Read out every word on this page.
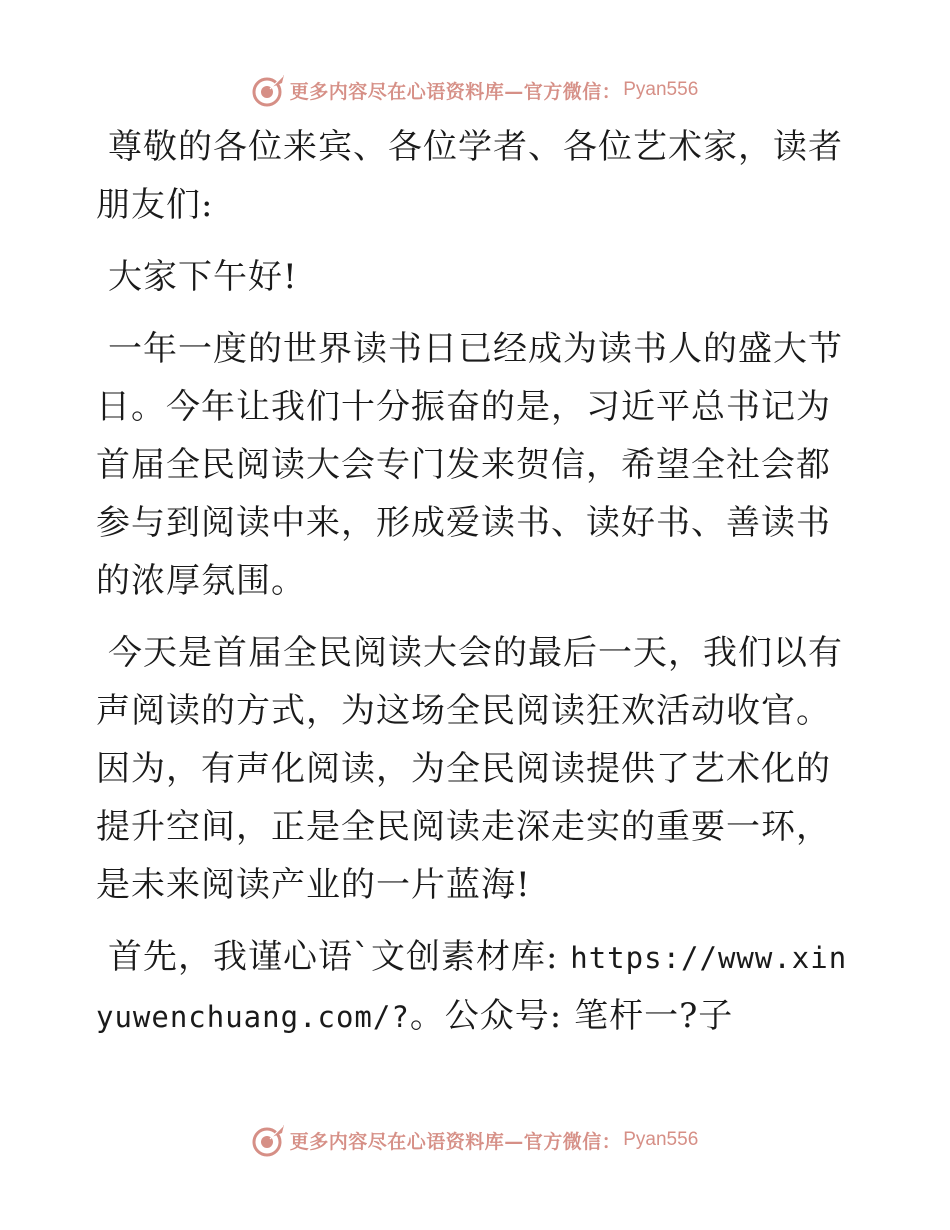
更多内容尽在心语资料库—官方微信： Pyan556

尊敬的各位来宾、各位学者、各位艺术家，读者朋友们:

大家下午好!

一年一度的世界读书日已经成为读书人的盛大节日。今年让我们十分振奋的是，习近平总书记为首届全民阅读大会专门发来贺信，希望全社会都参与到阅读中来，形成爱读书、读好书、善读书的浓厚氛围。

今天是首届全民阅读大会的最后一天，我们以有声阅读的方式，为这场全民阅读狂欢活动收官。因为，有声化阅读，为全民阅读提供了艺术化的提升空间，正是全民阅读走深走实的重要一环，是未来阅读产业的一片蓝海!

首先，我谨心语`文创素材库: https://www.xinyuwenchuang.com/?。公众号: 笔杆一?子

更多内容尽在心语资料库—官方微信： Pyan556
